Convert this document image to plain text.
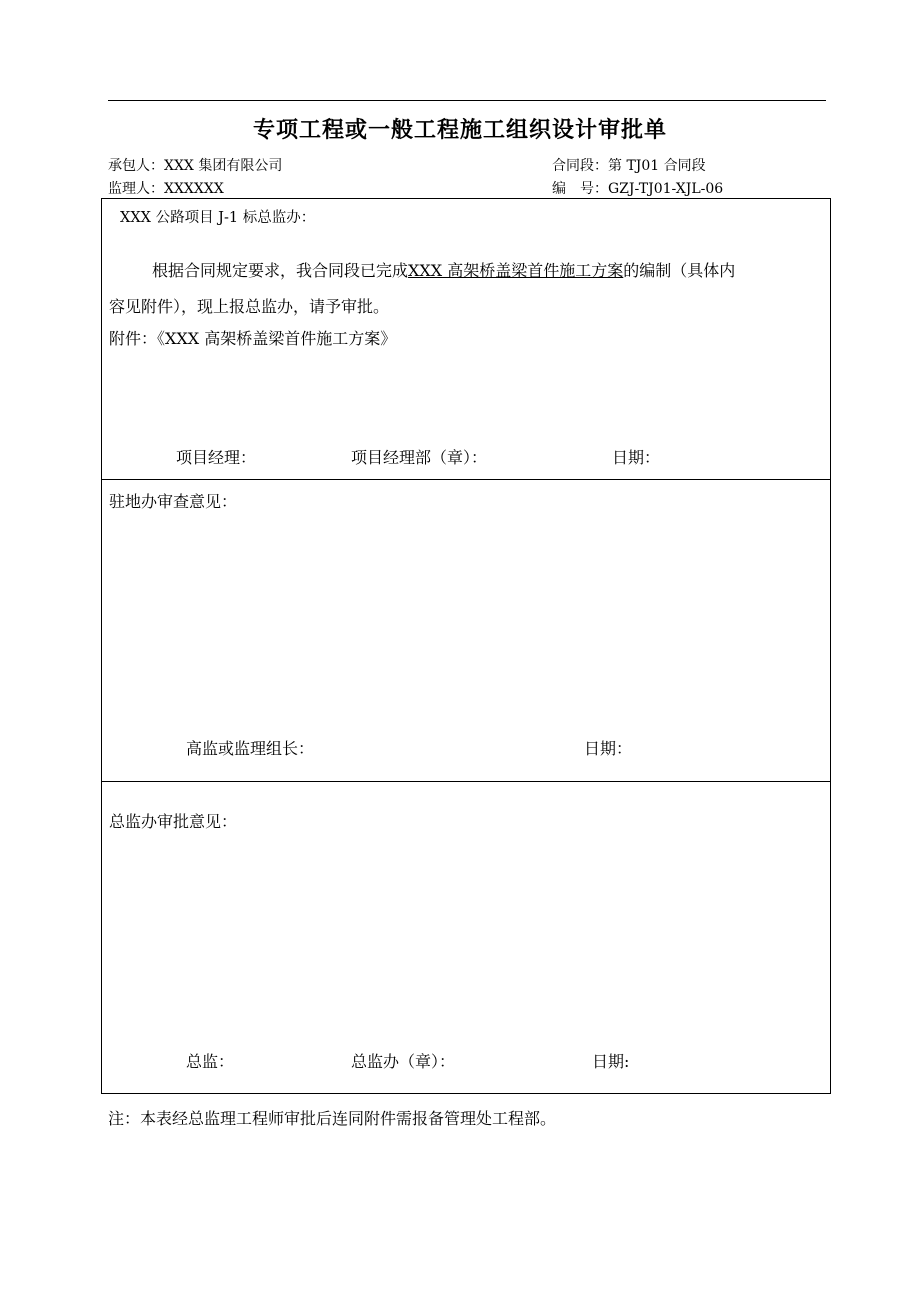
专项工程或一般工程施工组织设计审批单
承包人：XXX 集团有限公司	合同段：第 TJ01 合同段
监理人：XXXXXX	编　号：GZJ-TJ01-XJL-06
XXX 公路项目 J-1 标总监办：
根据合同规定要求，我合同段已完成XXX 高架桥盖梁首件施工方案的编制（具体内
容见附件），现上报总监办，请予审批。
附件：《XXX 高架桥盖梁首件施工方案》
项目经理：	项目经理部（章）：	日期：
驻地办审查意见：
高监或监理组长：	日期：
总监办审批意见：
总监：	总监办（章）：	日期:
注：本表经总监理工程师审批后连同附件需报备管理处工程部。
